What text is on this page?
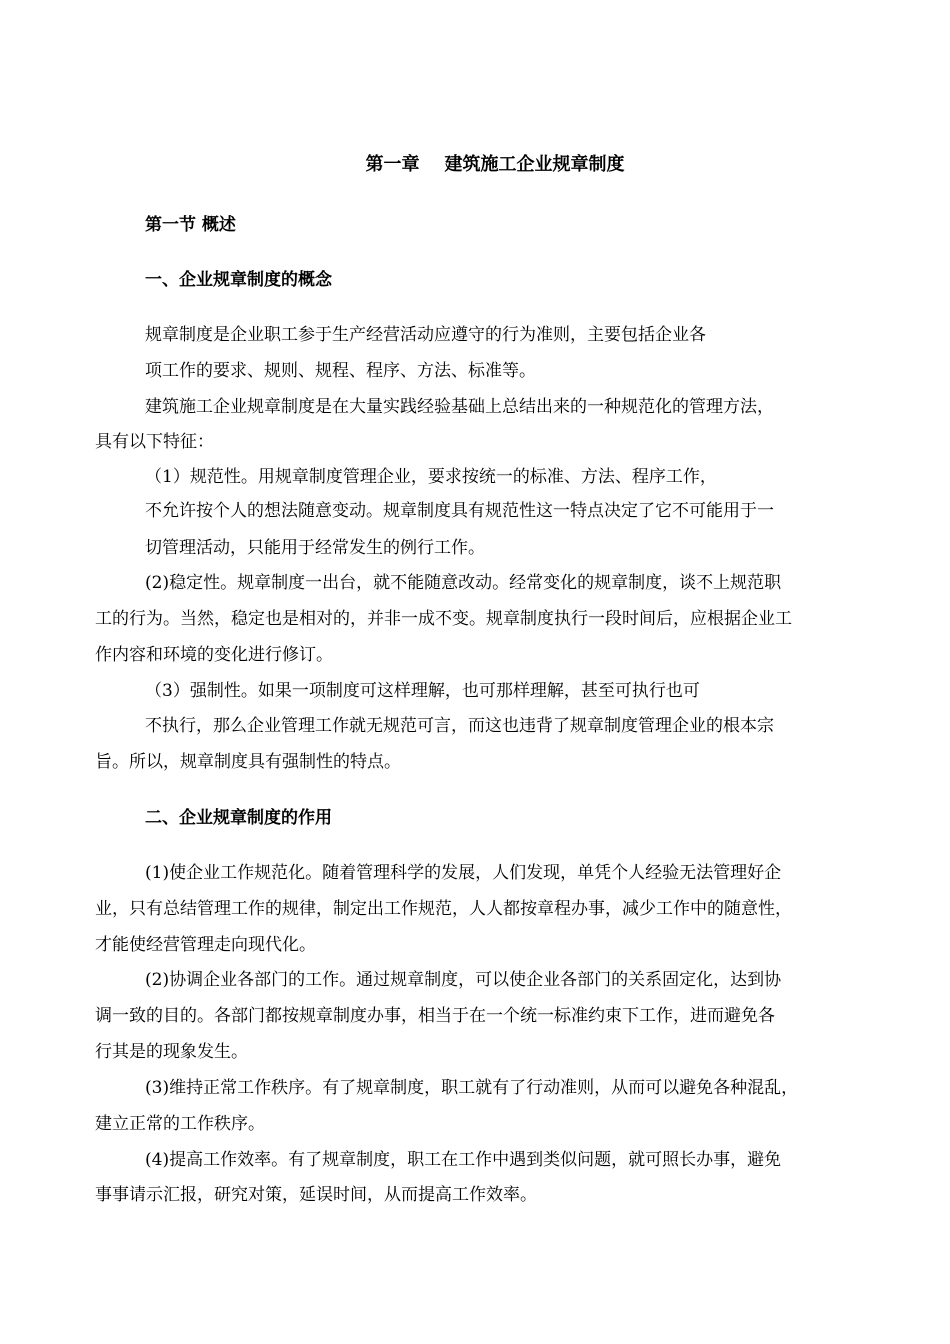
第一章    建筑施工企业规章制度
第一节 概述
一、企业规章制度的概念
规章制度是企业职工参于生产经营活动应遵守的行为准则，主要包括企业各
项工作的要求、规则、规程、程序、方法、标准等。
建筑施工企业规章制度是在大量实践经验基础上总结出来的一种规范化的管理方法，
具有以下特征：
（1）规范性。用规章制度管理企业，要求按统一的标准、方法、程序工作，
不允许按个人的想法随意变动。规章制度具有规范性这一特点决定了它不可能用于一
切管理活动，只能用于经常发生的例行工作。
(2)稳定性。规章制度一出台，就不能随意改动。经常变化的规章制度，谈不上规范职
工的行为。当然，稳定也是相对的，并非一成不变。规章制度执行一段时间后，应根据企业工
作内容和环境的变化进行修订。
（3）强制性。如果一项制度可这样理解，也可那样理解，甚至可执行也可
不执行，那么企业管理工作就无规范可言，而这也违背了规章制度管理企业的根本宗
旨。所以，规章制度具有强制性的特点。
二、企业规章制度的作用
(1)使企业工作规范化。随着管理科学的发展，人们发现，单凭个人经验无法管理好企
业，只有总结管理工作的规律，制定出工作规范，人人都按章程办事，减少工作中的随意性，
才能使经营管理走向现代化。
(2)协调企业各部门的工作。通过规章制度，可以使企业各部门的关系固定化，达到协
调一致的目的。各部门都按规章制度办事，相当于在一个统一标准约束下工作，进而避免各
行其是的现象发生。
(3)维持正常工作秩序。有了规章制度，职工就有了行动准则，从而可以避免各种混乱，
建立正常的工作秩序。
(4)提高工作效率。有了规章制度，职工在工作中遇到类似问题，就可照长办事，避免
事事请示汇报，研究对策，延误时间，从而提高工作效率。
